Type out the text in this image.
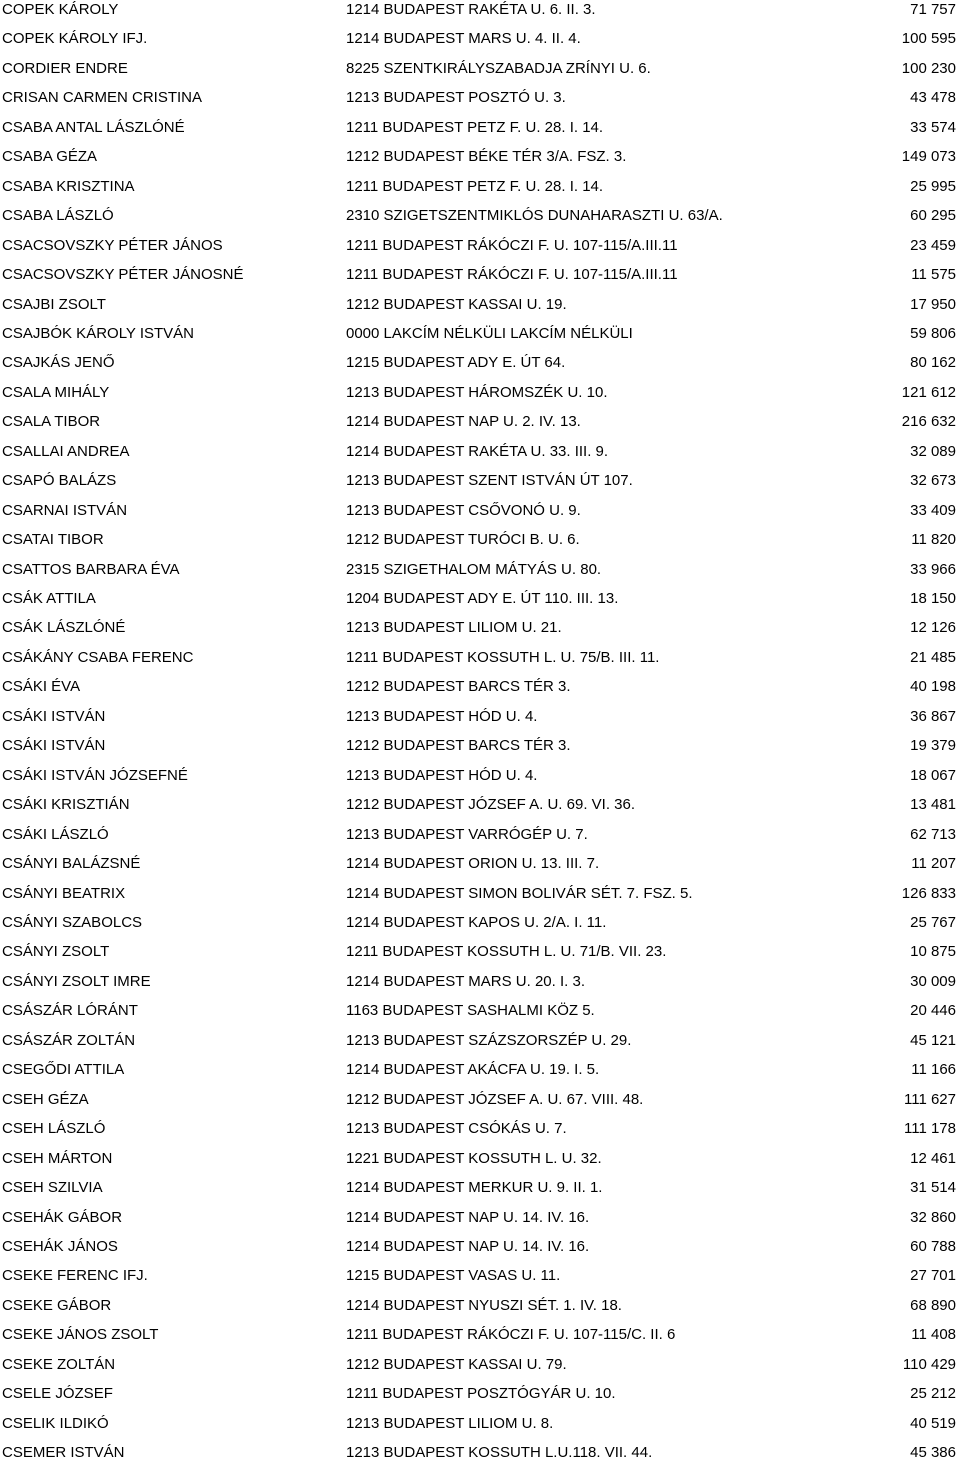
COPEK KÁROLY	1214 BUDAPEST RAKÉTA U. 6. II. 3.	71 757
COPEK KÁROLY IFJ.	1214 BUDAPEST MARS U. 4. II. 4.	100 595
CORDIER ENDRE	8225 SZENTKIRÁLYSZABADJA ZRÍNYI U. 6.	100 230
CRISAN CARMEN CRISTINA	1213 BUDAPEST POSZTÓ U. 3.	43 478
CSABA ANTAL LÁSZLÓNÉ	1211 BUDAPEST PETZ F. U. 28. I. 14.	33 574
CSABA GÉZA	1212 BUDAPEST BÉKE TÉR 3/A. FSZ. 3.	149 073
CSABA KRISZTINA	1211 BUDAPEST PETZ F. U. 28. I. 14.	25 995
CSABA LÁSZLÓ	2310 SZIGETSZENTMIKLÓS DUNAHARASZTI U. 63/A.	60 295
CSACSOVSZKY PÉTER JÁNOS	1211 BUDAPEST RÁKÓCZI F. U. 107-115/A.III.11	23 459
CSACSOVSZKY PÉTER JÁNOSNÉ	1211 BUDAPEST RÁKÓCZI F. U. 107-115/A.III.11	11 575
CSAJBI ZSOLT	1212 BUDAPEST KASSAI U. 19.	17 950
CSAJBÓK KÁROLY ISTVÁN	0000 LAKCÍM NÉLKÜLI LAKCÍM NÉLKÜLI	59 806
CSAJKÁS JENŐ	1215 BUDAPEST ADY E. ÚT 64.	80 162
CSALA MIHÁLY	1213 BUDAPEST HÁROMSZÉK U. 10.	121 612
CSALA TIBOR	1214 BUDAPEST NAP U. 2. IV. 13.	216 632
CSALLAI ANDREA	1214 BUDAPEST RAKÉTA U. 33. III. 9.	32 089
CSAPÓ BALÁZS	1213 BUDAPEST SZENT ISTVÁN ÚT 107.	32 673
CSARNAI ISTVÁN	1213 BUDAPEST CSŐVONÓ U. 9.	33 409
CSATAI TIBOR	1212 BUDAPEST TURÓCI B. U. 6.	11 820
CSATTOS BARBARA ÉVA	2315 SZIGETHALOM MÁTYÁS U. 80.	33 966
CSÁK ATTILA	1204 BUDAPEST ADY E. ÚT 110. III. 13.	18 150
CSÁK LÁSZLÓNÉ	1213 BUDAPEST LILIOM U. 21.	12 126
CSÁKÁNY CSABA FERENC	1211 BUDAPEST KOSSUTH L. U. 75/B. III. 11.	21 485
CSÁKI ÉVA	1212 BUDAPEST BARCS TÉR 3.	40 198
CSÁKI ISTVÁN	1213 BUDAPEST HÓD U. 4.	36 867
CSÁKI ISTVÁN	1212 BUDAPEST BARCS TÉR 3.	19 379
CSÁKI ISTVÁN JÓZSEFNÉ	1213 BUDAPEST HÓD U. 4.	18 067
CSÁKI KRISZTIÁN	1212 BUDAPEST JÓZSEF A. U. 69. VI. 36.	13 481
CSÁKI LÁSZLÓ	1213 BUDAPEST VARRÓGÉP U. 7.	62 713
CSÁNYI BALÁZSNÉ	1214 BUDAPEST ORION U. 13. III. 7.	11 207
CSÁNYI BEATRIX	1214 BUDAPEST SIMON BOLIVÁR SÉT. 7. FSZ. 5.	126 833
CSÁNYI SZABOLCS	1214 BUDAPEST KAPOS U. 2/A. I. 11.	25 767
CSÁNYI ZSOLT	1211 BUDAPEST KOSSUTH L. U. 71/B. VII. 23.	10 875
CSÁNYI ZSOLT IMRE	1214 BUDAPEST MARS U. 20. I. 3.	30 009
CSÁSZÁR LÓRÁNT	1163 BUDAPEST SASHALMI KÖZ 5.	20 446
CSÁSZÁR ZOLTÁN	1213 BUDAPEST SZÁZSZORSZÉP U. 29.	45 121
CSEGŐDI ATTILA	1214 BUDAPEST AKÁCFA U. 19. I. 5.	11 166
CSEH GÉZA	1212 BUDAPEST JÓZSEF A. U. 67. VIII. 48.	111 627
CSEH LÁSZLÓ	1213 BUDAPEST CSÓKÁS U. 7.	111 178
CSEH MÁRTON	1221 BUDAPEST KOSSUTH L. U. 32.	12 461
CSEH SZILVIA	1214 BUDAPEST MERKUR U. 9. II. 1.	31 514
CSEHÁK GÁBOR	1214 BUDAPEST NAP U. 14. IV. 16.	32 860
CSEHÁK JÁNOS	1214 BUDAPEST NAP U. 14. IV. 16.	60 788
CSEKE FERENC IFJ.	1215 BUDAPEST VASAS U. 11.	27 701
CSEKE GÁBOR	1214 BUDAPEST NYUSZI SÉT. 1. IV. 18.	68 890
CSEKE JÁNOS ZSOLT	1211 BUDAPEST RÁKÓCZI F. U. 107-115/C. II. 6	11 408
CSEKE ZOLTÁN	1212 BUDAPEST KASSAI U. 79.	110 429
CSELE JÓZSEF	1211 BUDAPEST POSZTÓGYÁR U. 10.	25 212
CSELIK ILDIKÓ	1213 BUDAPEST LILIOM U. 8.	40 519
CSEMER ISTVÁN	1213 BUDAPEST KOSSUTH L.U.118. VII. 44.	45 386
